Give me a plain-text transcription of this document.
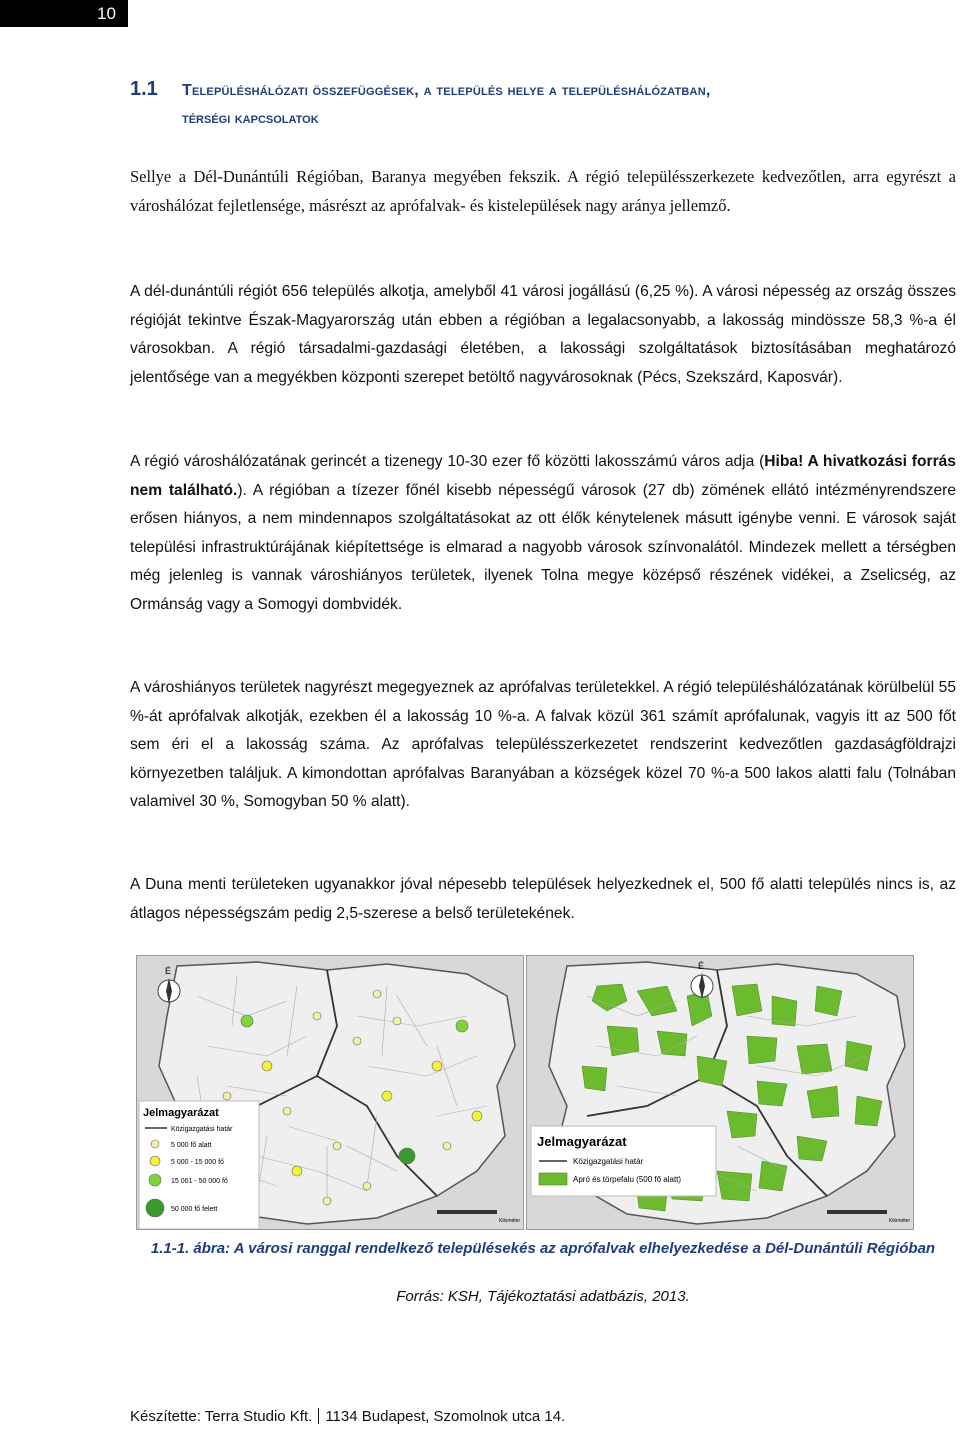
10
1.1 Településhálózati összefüggések, a település helye a településhálózatban,
térségi kapcsolatok
Sellye a Dél-Dunántúli Régióban, Baranya megyében fekszik. A régió településszerkezete kedvezőtlen, arra egyrészt a városhálózat fejletlensége, másrészt az aprófalvak- és kistelepülések nagy aránya jellemző.
A dél-dunántúli régiót 656 település alkotja, amelyből 41 városi jogállású (6,25 %). A városi népesség az ország összes régióját tekintve Észak-Magyarország után ebben a régióban a legalacsonyabb, a lakosság mindössze 58,3 %-a él városokban. A régió társadalmi-gazdasági életében, a lakossági szolgáltatások biztosításában meghatározó jelentősége van a megyékben központi szerepet betöltő nagyvárosoknak (Pécs, Szekszárd, Kaposvár).
A régió városhálózatának gerincét a tizenegy 10-30 ezer fő közötti lakosszámú város adja (Hiba! A hivatkozási forrás nem található.). A régióban a tízezer főnél kisebb népességű városok (27 db) zömének ellátó intézményrendszere erősen hiányos, a nem mindennapos szolgáltatásokat az ott élők kénytelenek másutt igénybe venni. E városok saját települési infrastruktúrájának kiépítettsége is elmarad a nagyobb városok színvonalától. Mindezek mellett a térségben még jelenleg is vannak városhiányos területek, ilyenek Tolna megye középső részének vidékei, a Zselicség, az Ormánság vagy a Somogyi dombvidék.
A városhiányos területek nagyrészt megegyeznek az aprófalvas területekkel. A régió településhálózatának körülbelül 55 %-át aprófalvak alkotják, ezekben él a lakosság 10 %-a. A falvak közül 361 számít aprófalunak, vagyis itt az 500 főt sem éri el a lakosság száma. Az aprófalvas településszerkezetet rendszerint kedvezőtlen gazdaságföldrajzi környezetben találjuk. A kimondottan aprófalvas Baranyában a községek közel 70 %-a 500 lakos alatti falu (Tolnában valamivel 30 %, Somogyban 50 % alatt).
A Duna menti területeken ugyanakkor jóval népesebb települések helyezkednek el, 500 fő alatti település nincs is, az átlagos népességszám pedig 2,5-szerese a belső területekének.
É
Jelmagyarázat
Közigazgatási határ
5 000 fő alatt
5 000 - 15 000 fő
15 001 - 50 000 fő
50 000 fő felett
Kilométer
É
Jelmagyarázat
Közigazgatási határ
Apró és törpefalu (500 fő alatt)
Kilométer
1.1-1. ábra: A városi ranggal rendelkező településekés az aprófalvak elhelyezkedése a Dél-Dunántúli Régióban
Forrás: KSH, Tájékoztatási adatbázis, 2013.
Készítette: Terra Studio Kft. 1134 Budapest, Szomolnok utca 14.
